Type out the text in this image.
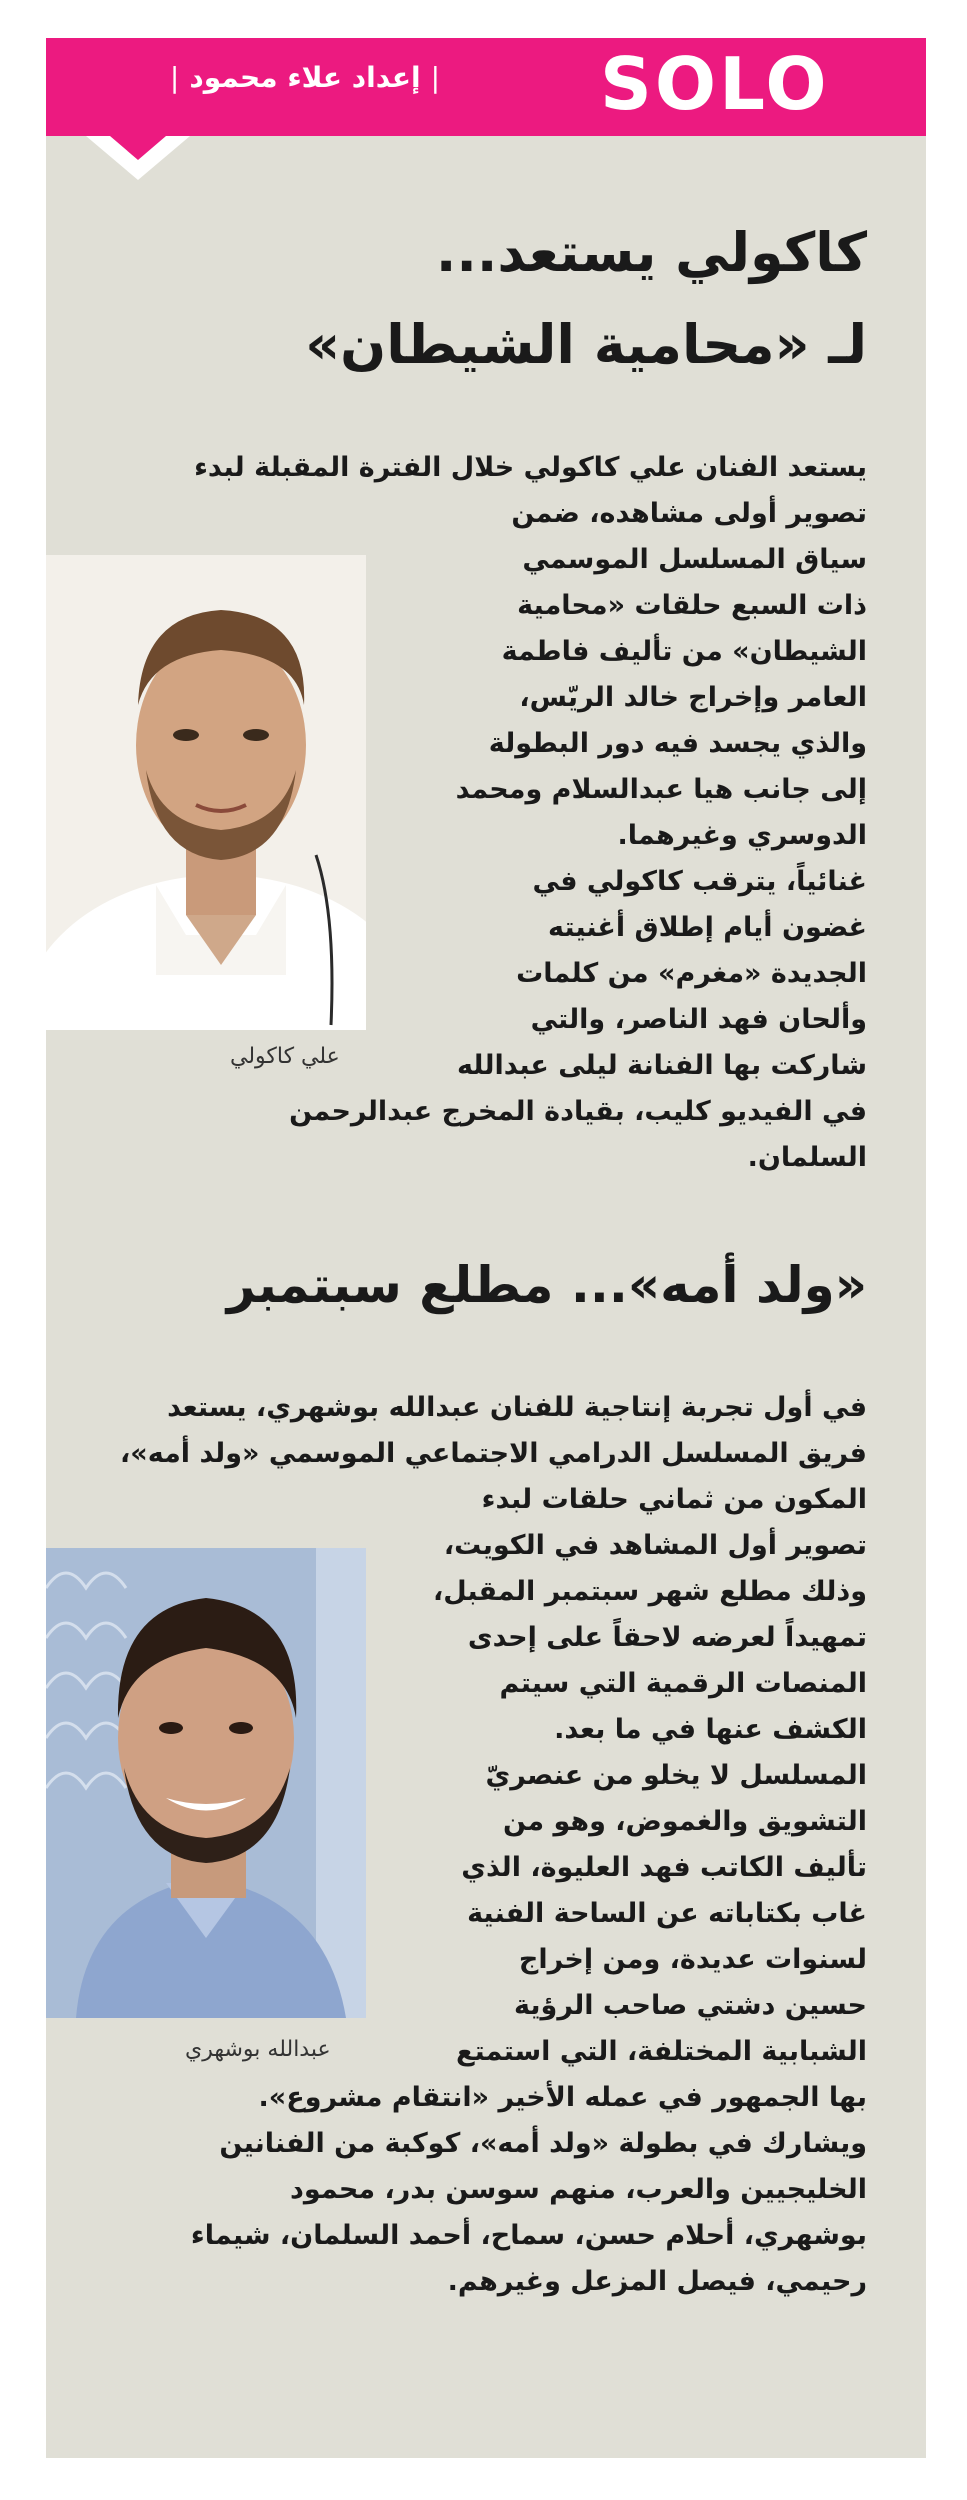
SOLO
|إعداد علاء محمود|
كاكولي يستعد...
لـ «محامية الشيطان»
يستعد الفنان علي كاكولي خلال الفترة المقبلة لبدء
تصوير أولى مشاهده، ضمن
سياق المسلسل الموسمي
ذات السبع حلقات «محامية
الشيطان» من تأليف فاطمة
العامر وإخراج خالد الريّس،
والذي يجسد فيه دور البطولة
إلى جانب هيا عبدالسلام ومحمد
الدوسري وغيرهما.
غنائياً، يترقب كاكولي في
غضون أيام إطلاق أغنيته
الجديدة «مغرم» من كلمات
وألحان فهد الناصر، والتي
شاركت بها الفنانة ليلى عبدالله
في الفيديو كليب، بقيادة المخرج عبدالرحمن
السلمان.
علي كاكولي
«ولد أمه»... مطلع سبتمبر
في أول تجربة إنتاجية للفنان عبدالله بوشهري، يستعد
فريق المسلسل الدرامي الاجتماعي الموسمي «ولد أمه»،
المكون من ثماني حلقات لبدء
تصوير أول المشاهد في الكويت،
وذلك مطلع شهر سبتمبر المقبل،
تمهيداً لعرضه لاحقاً على إحدى
المنصات الرقمية التي سيتم
الكشف عنها في ما بعد.
المسلسل لا يخلو من عنصريّ
التشويق والغموض، وهو من
تأليف الكاتب فهد العليوة، الذي
غاب بكتاباته عن الساحة الفنية
لسنوات عديدة، ومن إخراج
حسين دشتي صاحب الرؤية
الشبابية المختلفة، التي استمتع
بها الجمهور في عمله الأخير «انتقام مشروع».
ويشارك في بطولة «ولد أمه»، كوكبة من الفنانين
الخليجيين والعرب، منهم سوسن بدر، محمود
بوشهري، أحلام حسن، سماح، أحمد السلمان، شيماء
رحيمي، فيصل المزعل وغيرهم.
عبدالله بوشهري
